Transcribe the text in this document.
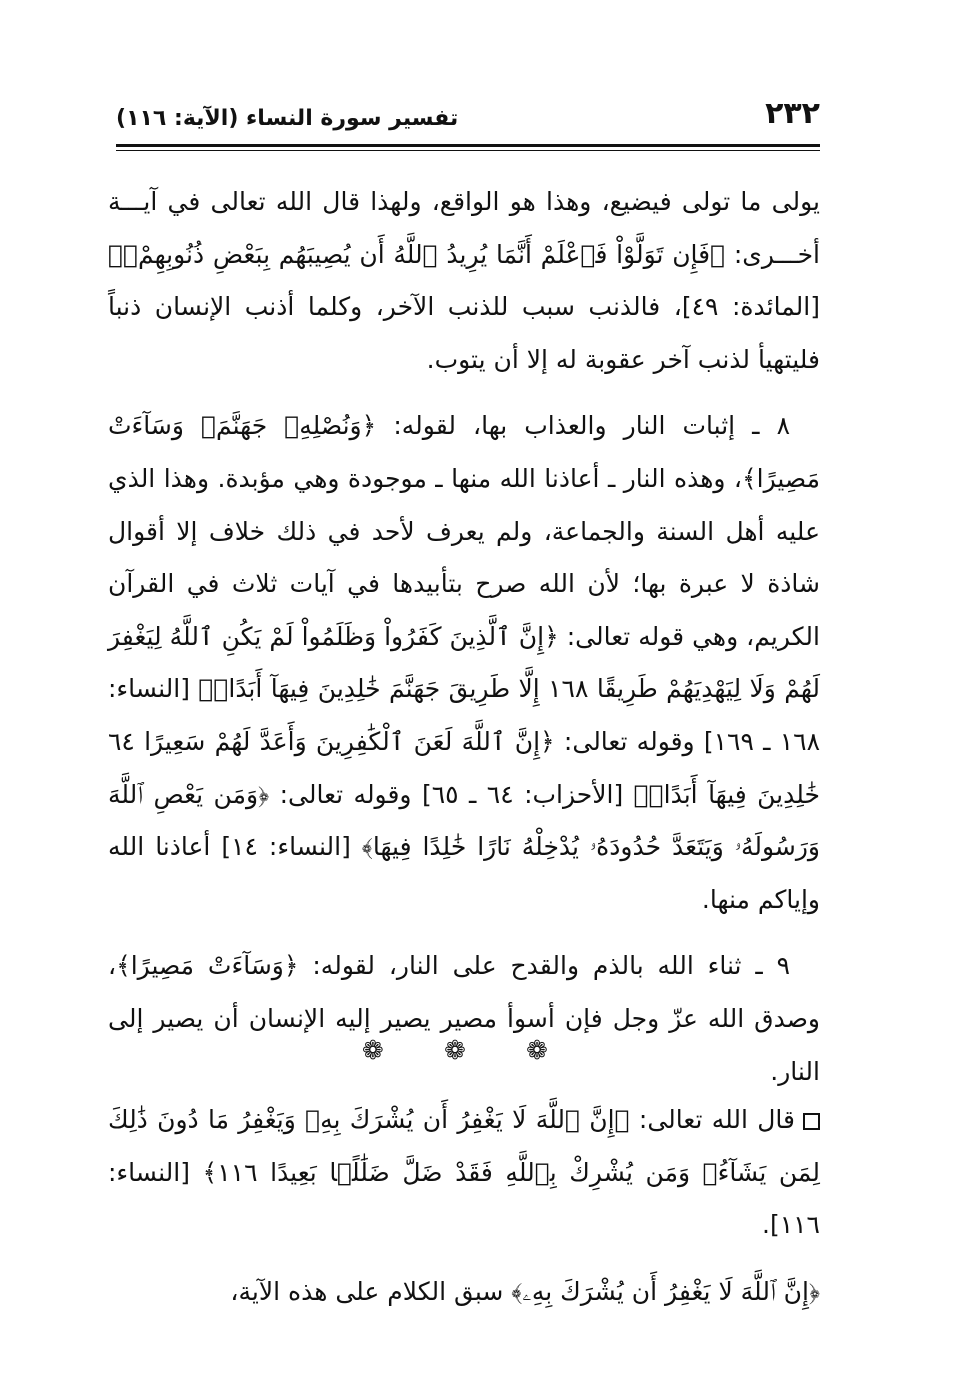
٢٣٢
تفسير سورة النساء (الآية: ١١٦)

يولى ما تولى فيضيع، وهذا هو الواقع، ولهذا قال الله تعالى في آيـــة أخـــرى: ﴿فَإِن تَوَلَّوْاْ فَٱعْلَمْ أَنَّمَا يُرِيدُ ٱللَّهُ أَن يُصِيبَهُم بِبَعْضِ ذُنُوبِهِمْۗ﴾ [المائدة: ٤٩]، فالذنب سبب للذنب الآخر، وكلما أذنب الإنسان ذنباً فليتهيأ لذنب آخر عقوبة له إلا أن يتوب.

٨ ـ إثبات النار والعذاب بها، لقوله: ﴿وَنُصْلِهِۦ جَهَنَّمَۖ وَسَآءَتْ مَصِيرًا﴾، وهذه النار ـ أعاذنا الله منها ـ موجودة وهي مؤبدة. وهذا الذي عليه أهل السنة والجماعة، ولم يعرف لأحد في ذلك خلاف إلا أقوال شاذة لا عبرة بها؛ لأن الله صرح بتأبيدها في آيات ثلاث في القرآن الكريم، وهي قوله تعالى: ﴿إِنَّ ٱلَّذِينَ كَفَرُواْ وَظَلَمُواْ لَمْ يَكُنِ ٱللَّهُ لِيَغْفِرَ لَهُمْ وَلَا لِيَهْدِيَهُمْ طَرِيقًا ١٦٨ إِلَّا طَرِيقَ جَهَنَّمَ خَٰلِدِينَ فِيهَآ أَبَدًاۚ﴾ [النساء: ١٦٨ ـ ١٦٩] وقوله تعالى: ﴿إِنَّ ٱللَّهَ لَعَنَ ٱلْكَٰفِرِينَ وَأَعَدَّ لَهُمْ سَعِيرًا ٦٤ خَٰلِدِينَ فِيهَآ أَبَدًاۖ﴾ [الأحزاب: ٦٤ ـ ٦٥] وقوله تعالى: ﴿وَمَن يَعْصِ ٱللَّهَ وَرَسُولَهُۥ وَيَتَعَدَّ حُدُودَهُۥ يُدْخِلْهُ نَارًا خَٰلِدًا فِيهَا﴾ [النساء: ١٤] أعاذنا الله وإياكم منها.

٩ ـ ثناء الله بالذم والقدح على النار، لقوله: ﴿وَسَآءَتْ مَصِيرًا﴾، وصدق الله عزّ وجل فإن أسوأ مصير يصير إليه الإنسان أن يصير إلى النار.

❁ ❁ ❁

قال الله تعالى: ﴿إِنَّ ٱللَّهَ لَا يَغْفِرُ أَن يُشْرَكَ بِهِۦ وَيَغْفِرُ مَا دُونَ ذَٰلِكَ لِمَن يَشَآءُۚ وَمَن يُشْرِكْ بِٱللَّهِ فَقَدْ ضَلَّ ضَلَٰلًۢا بَعِيدًا ١١٦﴾ [النساء: ١١٦].

﴿إِنَّ ٱللَّهَ لَا يَغْفِرُ أَن يُشْرَكَ بِهِۦ﴾ سبق الكلام على هذه الآية،
